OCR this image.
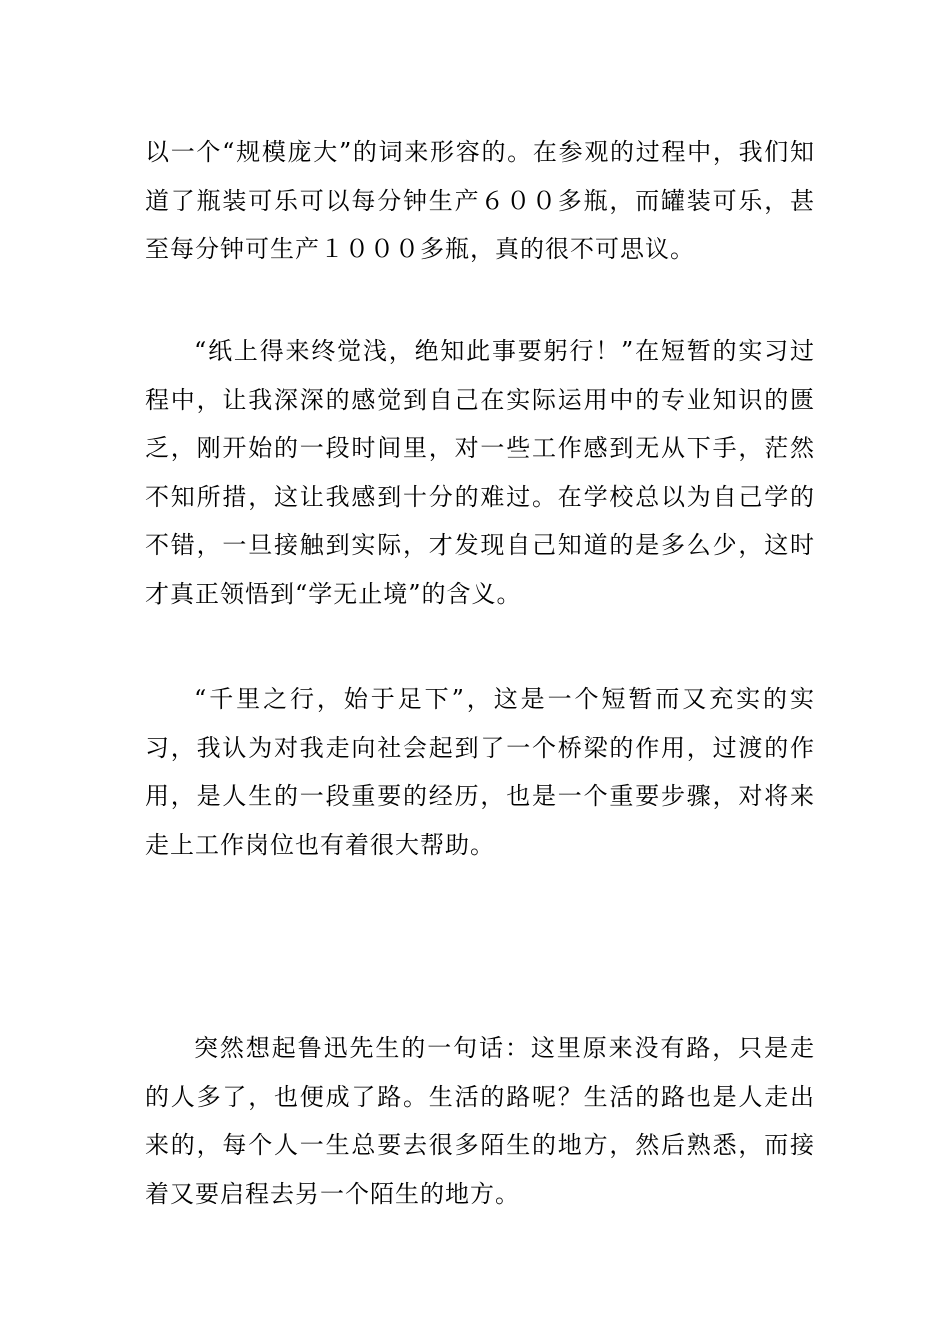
以一个“规模庞大”的词来形容的。在参观的过程中，我们知道了瓶装可乐可以每分钟生产６００多瓶，而罐装可乐，甚至每分钟可生产１０００多瓶，真的很不可思议。

“纸上得来终觉浅，绝知此事要躬行！”在短暂的实习过程中，让我深深的感觉到自己在实际运用中的专业知识的匮乏，刚开始的一段时间里，对一些工作感到无从下手，茫然不知所措，这让我感到十分的难过。在学校总以为自己学的不错，一旦接触到实际，才发现自己知道的是多么少，这时才真正领悟到“学无止境”的含义。

“千里之行，始于足下”，这是一个短暂而又充实的实习，我认为对我走向社会起到了一个桥梁的作用，过渡的作用，是人生的一段重要的经历，也是一个重要步骤，对将来走上工作岗位也有着很大帮助。

突然想起鲁迅先生的一句话：这里原来没有路，只是走的人多了，也便成了路。生活的路呢？生活的路也是人走出来的，每个人一生总要去很多陌生的地方，然后熟悉，而接着又要启程去另一个陌生的地方。
